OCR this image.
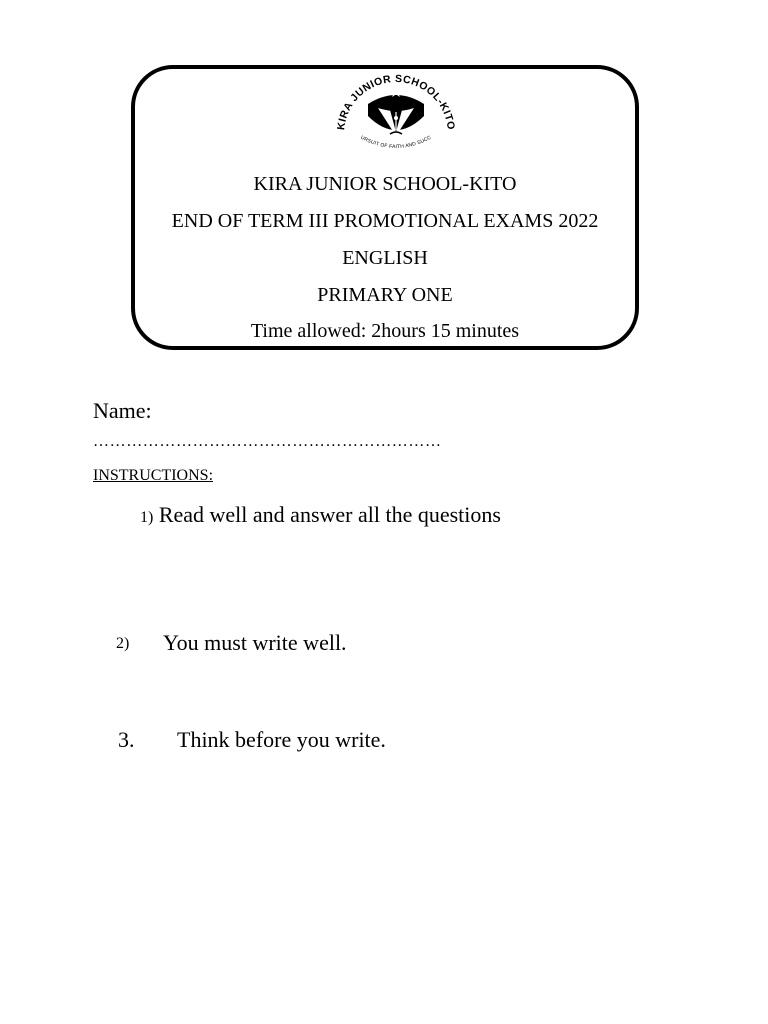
KIRA JUNIOR SCHOOL-KITO
URSUIT OF FAITH AND SUCC
KIRA JUNIOR SCHOOL-KITO
END OF TERM III PROMOTIONAL EXAMS 2022
ENGLISH
PRIMARY ONE
Time allowed: 2hours 15 minutes
Name:
………………………………………………………
INSTRUCTIONS:
1) Read well and answer all the questions
2) You must write well.
3. Think before you write.
